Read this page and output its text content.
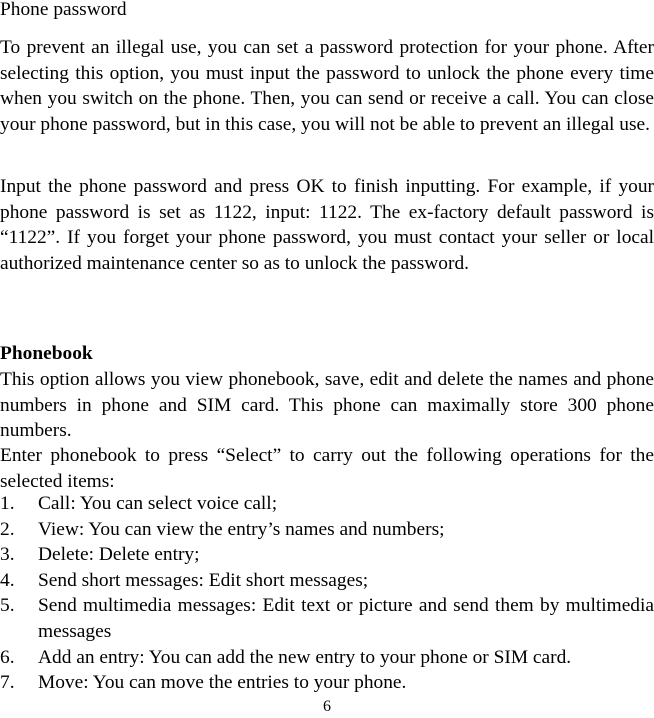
Phone password

To prevent an illegal use, you can set a password protection for your phone. After selecting this option, you must input the password to unlock the phone every time when you switch on the phone. Then, you can send or receive a call. You can close your phone password, but in this case, you will not be able to prevent an illegal use.

Input the phone password and press OK to finish inputting. For example, if your phone password is set as 1122, input: 1122. The ex-factory default password is “1122”. If you forget your phone password, you must contact your seller or local authorized maintenance center so as to unlock the password.

Phonebook

This option allows you view phonebook, save, edit and delete the names and phone numbers in phone and SIM card. This phone can maximally store 300 phone numbers.

Enter phonebook to press “Select” to carry out the following operations for the selected items:

1. Call: You can select voice call;
2. View: You can view the entry’s names and numbers;
3. Delete: Delete entry;
4. Send short messages: Edit short messages;
5. Send multimedia messages: Edit text or picture and send them by multimedia messages
6. Add an entry: You can add the new entry to your phone or SIM card.
7. Move: You can move the entries to your phone.
6
